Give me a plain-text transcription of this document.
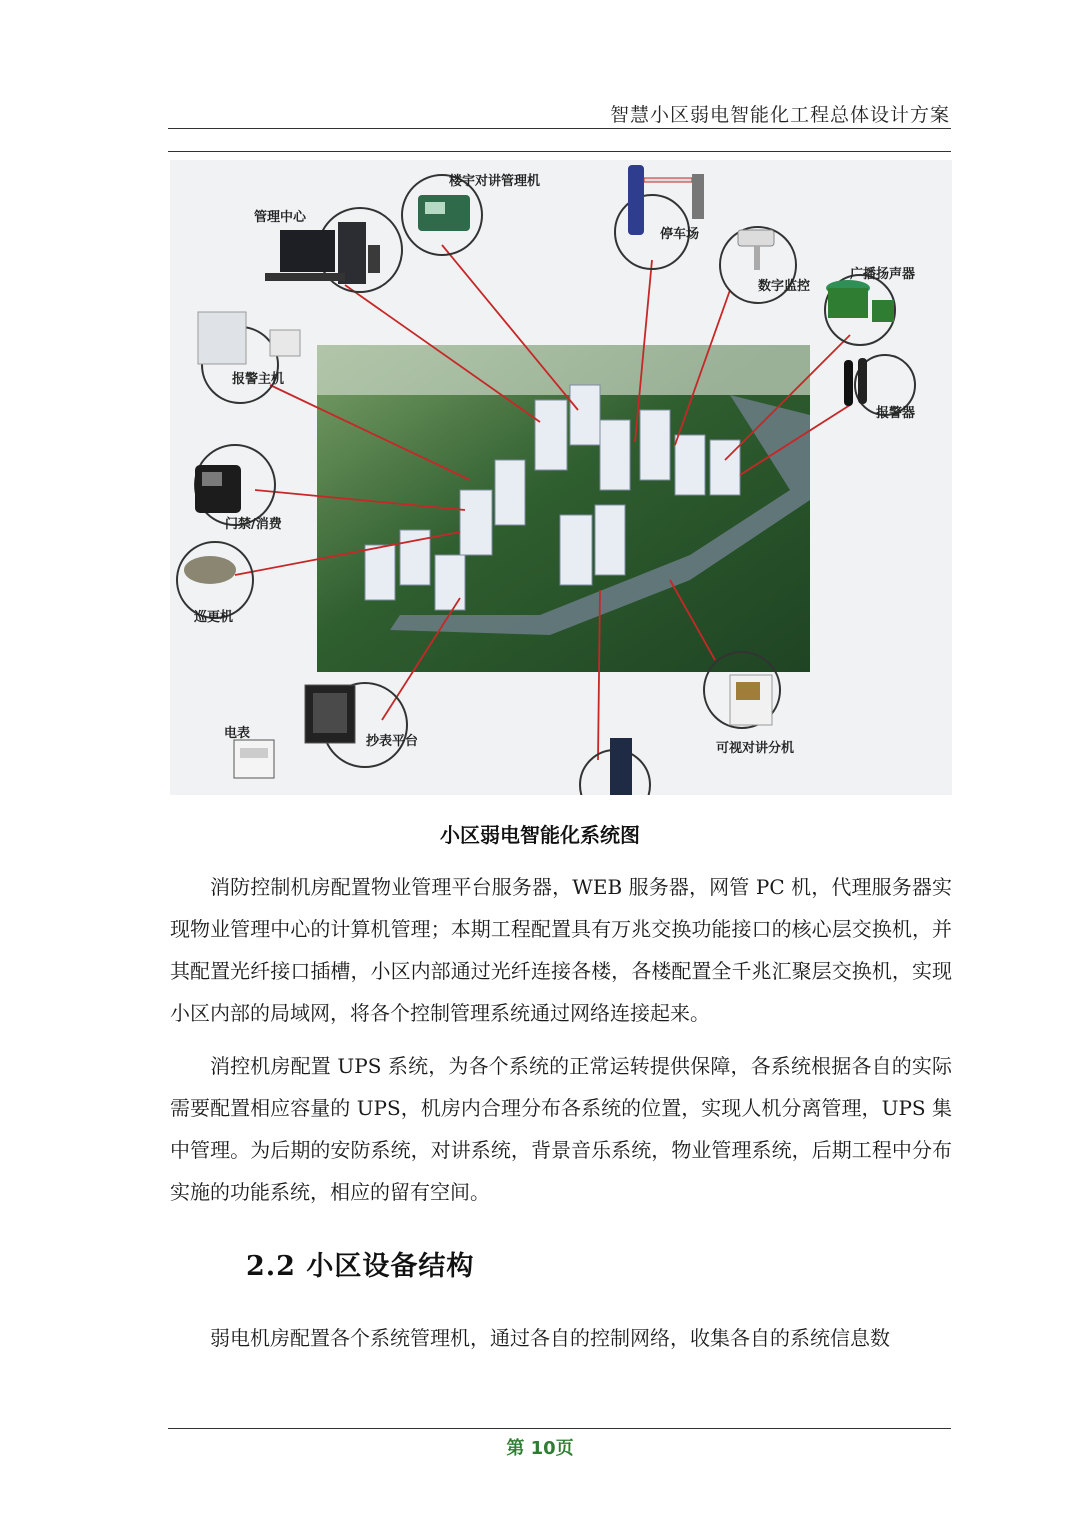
智慧小区弱电智能化工程总体设计方案
管理中心
楼宇对讲管理机
停车场
数字监控
广播扬声器
报警主机
报警器
门禁/消费
巡更机
电表
抄表平台	可视对讲分机
小区弱电智能化系统图

消防控制机房配置物业管理平台服务器，WEB 服务器，网管 PC 机，代理服务器实现物业管理中心的计算机管理；本期工程配置具有万兆交换功能接口的核心层交换机，并其配置光纤接口插槽，小区内部通过光纤连接各楼，各楼配置全千兆汇聚层交换机，实现小区内部的局域网，将各个控制管理系统通过网络连接起来。

消控机房配置 UPS 系统，为各个系统的正常运转提供保障，各系统根据各自的实际需要配置相应容量的 UPS，机房内合理分布各系统的位置，实现人机分离管理，UPS 集中管理。为后期的安防系统，对讲系统，背景音乐系统，物业管理系统，后期工程中分布实施的功能系统，相应的留有空间。

2.2 小区设备结构

弱电机房配置各个系统管理机，通过各自的控制网络，收集各自的系统信息数

第 10页
